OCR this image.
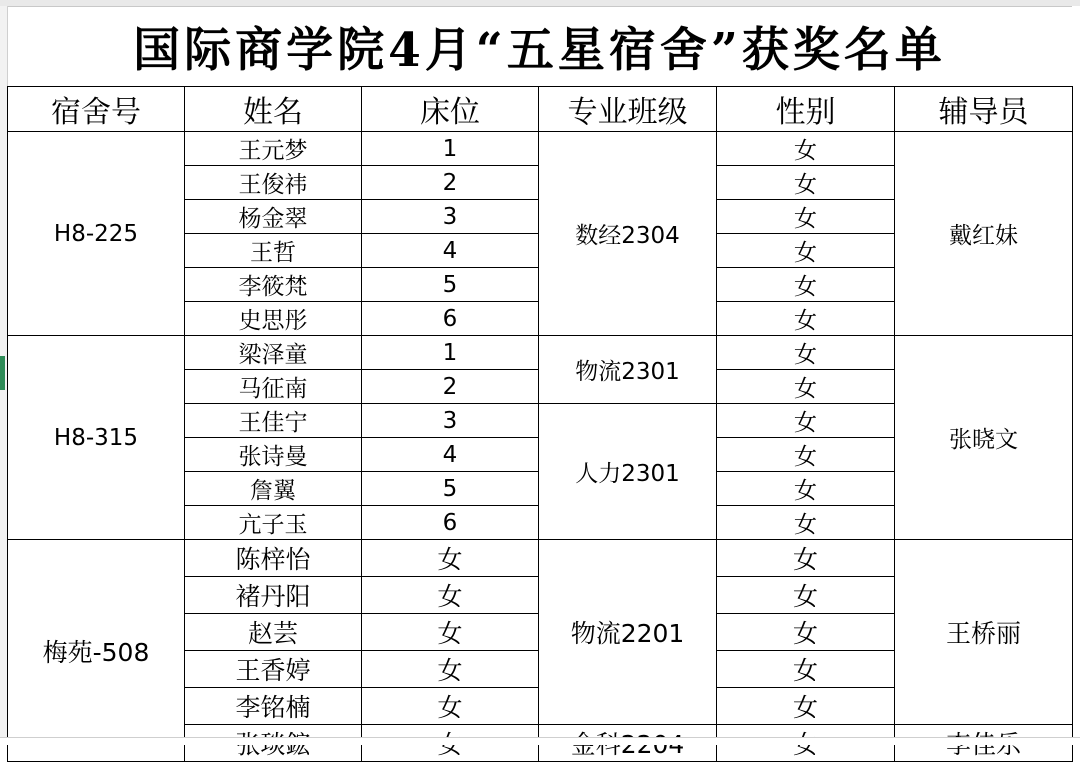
国际商学院4月“五星宿舍”获奖名单
宿舍号	姓名	床位	专业班级	性别	辅导员
H8-225	王元梦	1	数经2304	女	戴红妹
	王俊祎	2		女	
	杨金翠	3		女	
	王哲	4		女	
	李筱梵	5		女	
	史思彤	6		女	
H8-315	梁泽童	1	物流2301	女	张晓文
	马征南	2		女	
	王佳宁	3	人力2301	女	
	张诗曼	4		女	
	詹翼	5		女	
	亢子玉	6		女	
梅苑-508	陈梓怡	女	物流2201	女	王桥丽
	褚丹阳	女		女	
	赵芸	女		女	
	王香婷	女		女	
	李铭楠	女		女	
